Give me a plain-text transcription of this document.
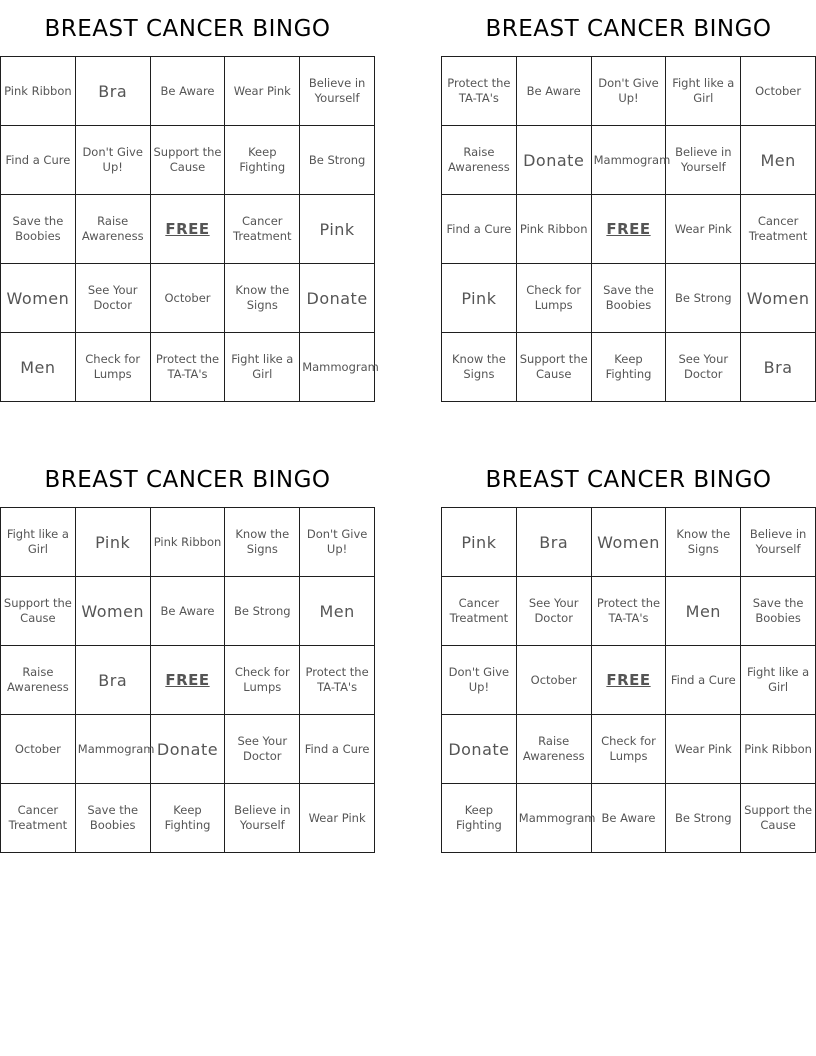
BREAST CANCER BINGO
Pink Ribbon	Bra	Be Aware	Wear Pink	Believe in Yourself
Find a Cure	Don't Give Up!	Support the Cause	Keep Fighting	Be Strong
Save the Boobies	Raise Awareness	FREE	Cancer Treatment	Pink
Women	See Your Doctor	October	Know the Signs	Donate
Men	Check for Lumps	Protect the TA-TA's	Fight like a Girl	Mammogram
BREAST CANCER BINGO
Protect the TA-TA's	Be Aware	Don't Give Up!	Fight like a Girl	October
Raise Awareness	Donate	Mammogram	Believe in Yourself	Men
Find a Cure	Pink Ribbon	FREE	Wear Pink	Cancer Treatment
Pink	Check for Lumps	Save the Boobies	Be Strong	Women
Know the Signs	Support the Cause	Keep Fighting	See Your Doctor	Bra
BREAST CANCER BINGO
Fight like a Girl	Pink	Pink Ribbon	Know the Signs	Don't Give Up!
Support the Cause	Women	Be Aware	Be Strong	Men
Raise Awareness	Bra	FREE	Check for Lumps	Protect the TA-TA's
October	Mammogram	Donate	See Your Doctor	Find a Cure
Cancer Treatment	Save the Boobies	Keep Fighting	Believe in Yourself	Wear Pink
BREAST CANCER BINGO
Pink	Bra	Women	Know the Signs	Believe in Yourself
Cancer Treatment	See Your Doctor	Protect the TA-TA's	Men	Save the Boobies
Don't Give Up!	October	FREE	Find a Cure	Fight like a Girl
Donate	Raise Awareness	Check for Lumps	Wear Pink	Pink Ribbon
Keep Fighting	Mammogram	Be Aware	Be Strong	Support the Cause
